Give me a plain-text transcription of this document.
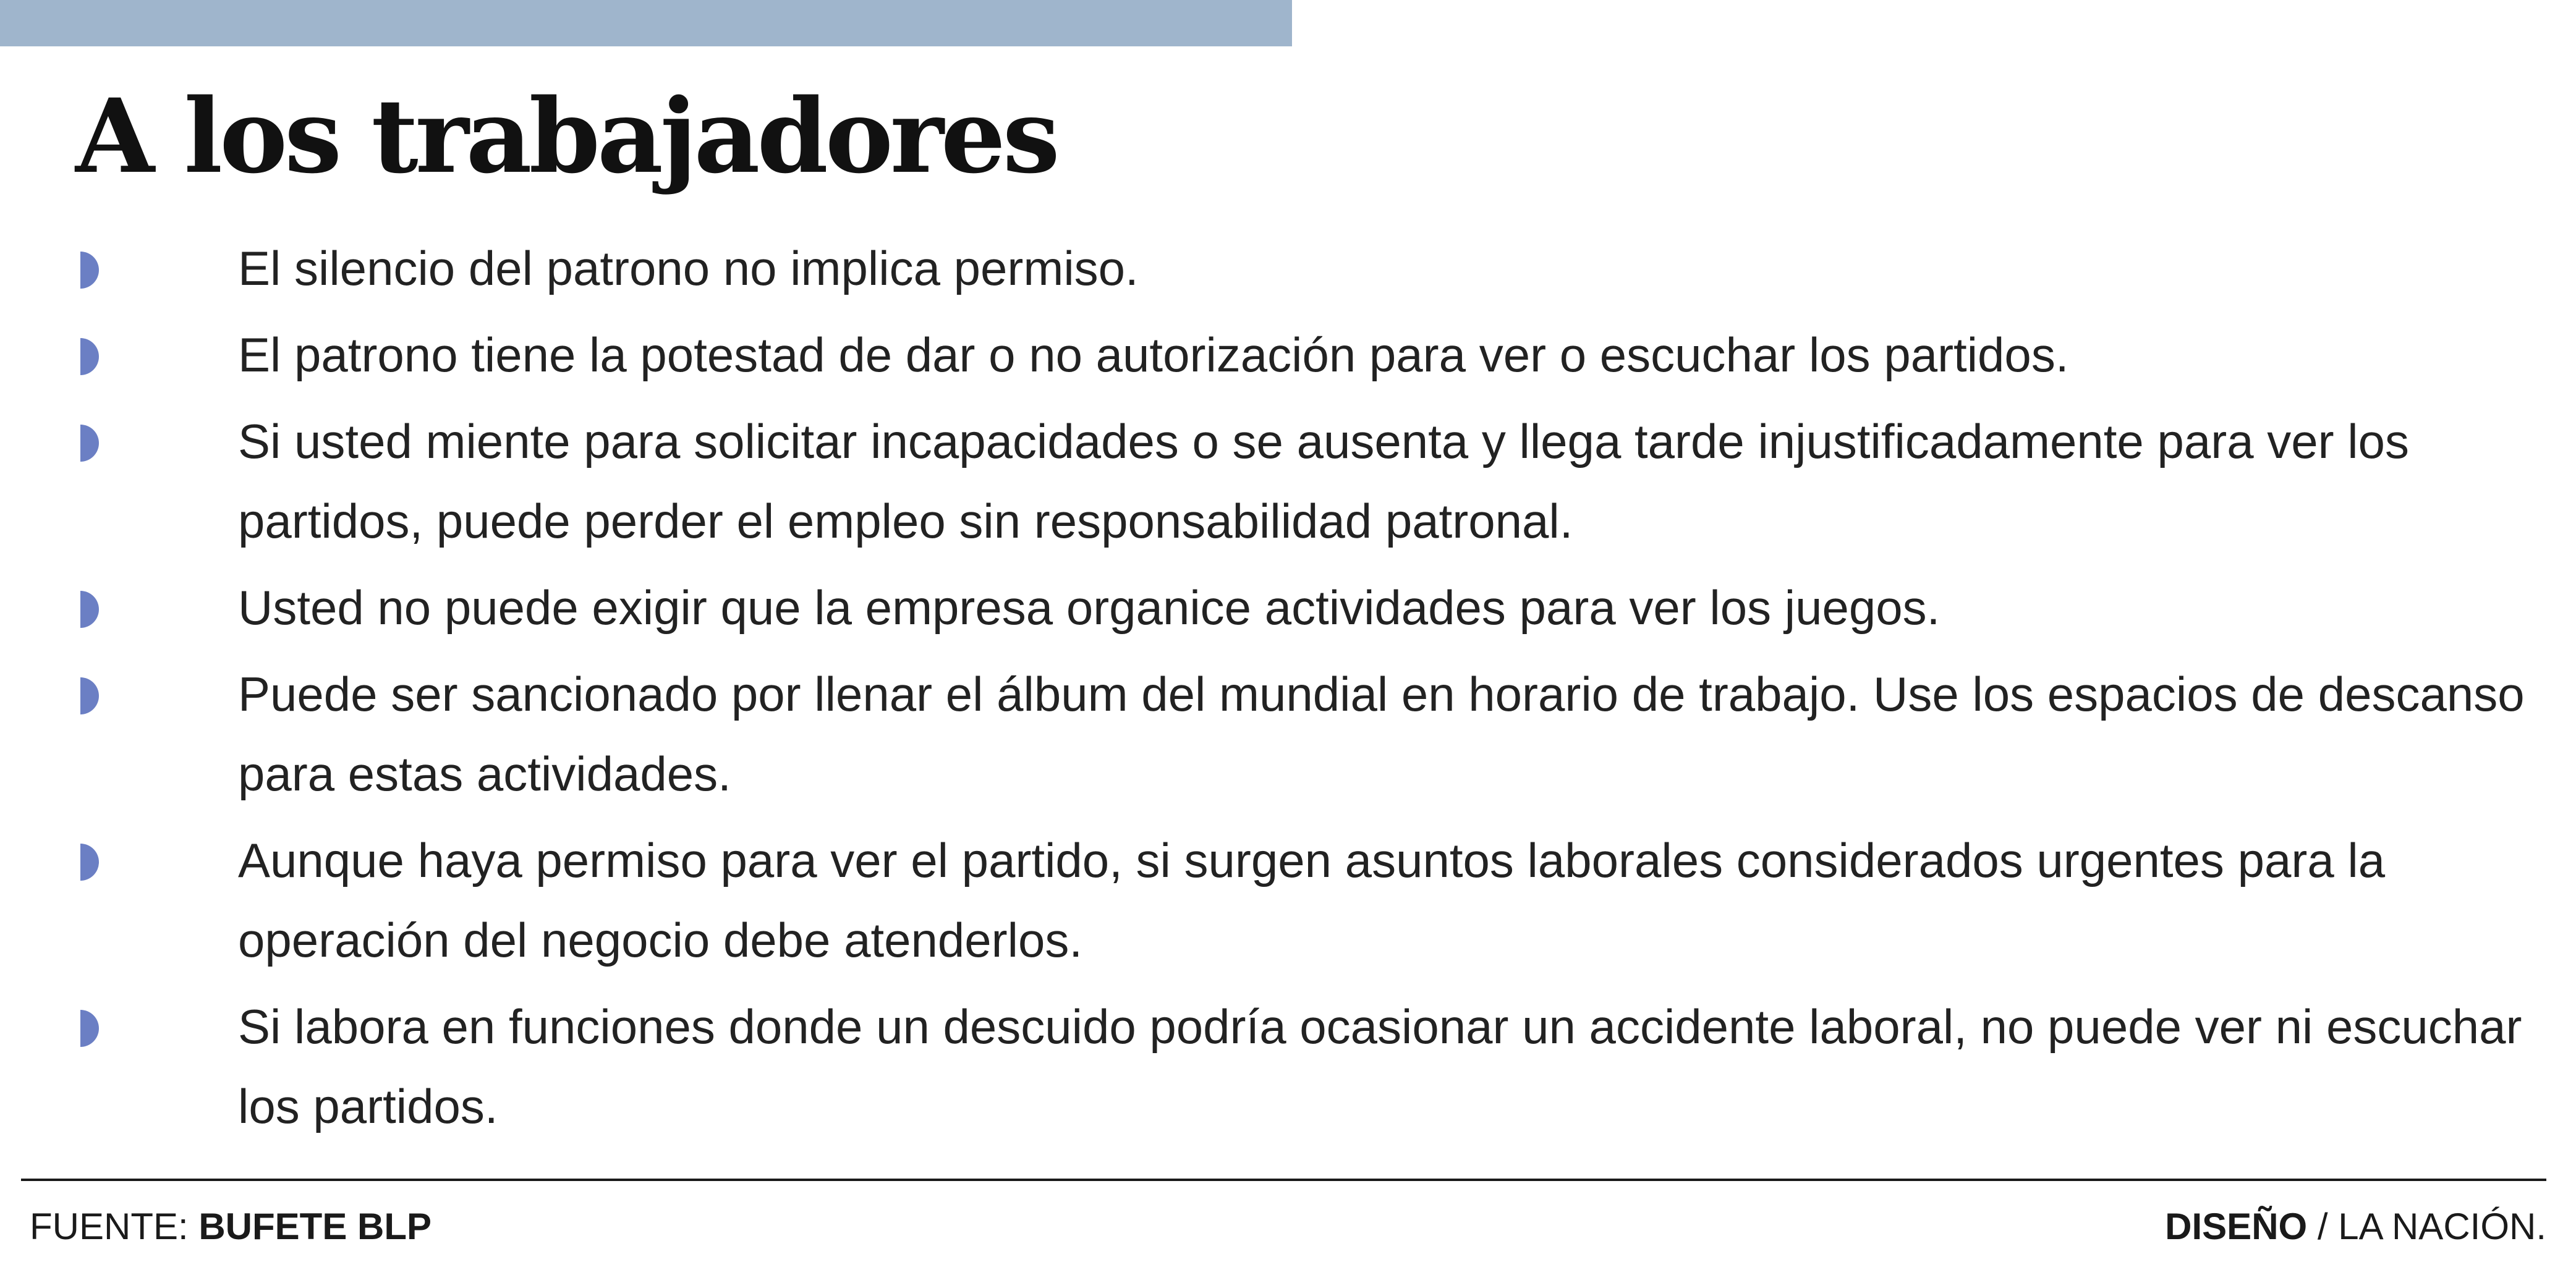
A los trabajadores
El silencio del patrono no implica permiso.
El patrono tiene la potestad de dar o no autorización para ver o escuchar los partidos.
Si usted miente para solicitar incapacidades o se ausenta y llega tarde injustificadamente para ver los partidos, puede perder el empleo sin responsabilidad patronal.
Usted no puede exigir que la empresa organice actividades para ver los juegos.
Puede ser sancionado por llenar el álbum del mundial en horario de trabajo. Use los espacios de descanso para estas actividades.
Aunque haya permiso para ver el partido, si surgen asuntos laborales considerados urgentes para la operación del negocio debe atenderlos.
Si labora en funciones donde un descuido podría ocasionar un accidente laboral, no puede ver ni escuchar los partidos.
FUENTE: BUFETE BLP	DISEÑO / LA NACIÓN.
